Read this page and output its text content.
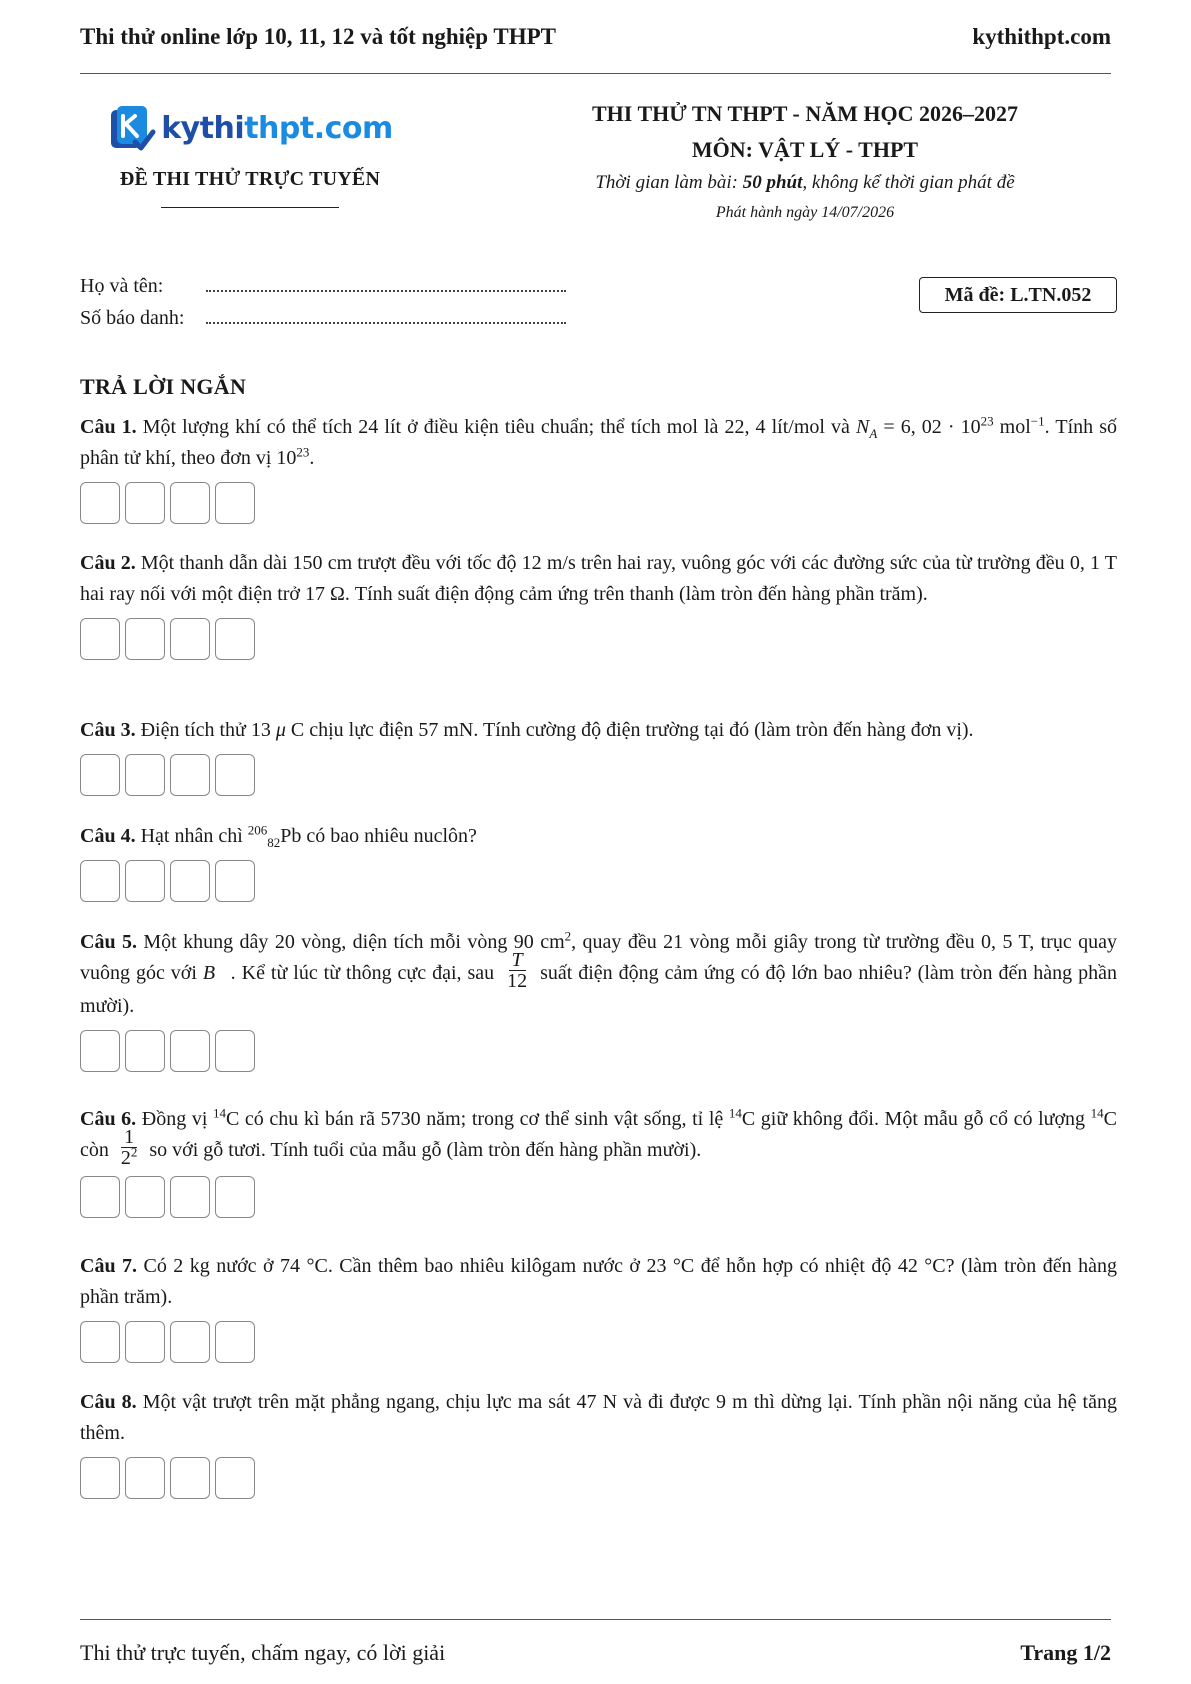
Thi thử online lớp 10, 11, 12 và tốt nghiệp THPT	kythithpt.com
kythithpt.com
ĐỀ THI THỬ TRỰC TUYẾN
THI THỬ TN THPT - NĂM HỌC 2026–2027
MÔN: VẬT LÝ - THPT
Thời gian làm bài: 50 phút, không kể thời gian phát đề
Phát hành ngày 14/07/2026
Họ và tên:
Số báo danh:
Mã đề: L.TN.052
TRẢ LỜI NGẮN
Câu 1. Một lượng khí có thể tích 24 lít ở điều kiện tiêu chuẩn; thể tích mol là 22, 4 lít/mol và $N_A = 6$, $02 \cdot 10^{23}$ mol$^{-1}$. Tính số phân tử khí, theo đơn vị $10^{23}$.
Câu 2. Một thanh dẫn dài 150 cm trượt đều với tốc độ 12 m/s trên hai ray, vuông góc với các đường sức của từ trường đều 0, 1 T hai ray nối với một điện trở 17 Ω. Tính suất điện động cảm ứng trên thanh (làm tròn đến hàng phần trăm).
Câu 3. Điện tích thử 13 μ C chịu lực điện 57 mN. Tính cường độ điện trường tại đó (làm tròn đến hàng đơn vị).
Câu 4. Hạt nhân chì $^{206}_{82}$Pb có bao nhiêu nuclôn?
Câu 5. Một khung dây 20 vòng, diện tích mỗi vòng 90 $cm^2$, quay đều 21 vòng mỗi giây trong từ trường đều 0, 5 T, trục quay vuông góc với B⃗. Kể từ lúc từ thông cực đại, sau $\frac{T}{12}$ suất điện động cảm ứng có độ lớn bao nhiêu? (làm tròn đến hàng phần mười).
Câu 6. Đồng vị $^{14}$C có chu kì bán rã 5730 năm; trong cơ thể sinh vật sống, tỉ lệ $^{14}$C giữ không đổi. Một mẫu gỗ cổ có lượng $^{14}$C còn $\frac{1}{2^2}$ so với gỗ tươi. Tính tuổi của mẫu gỗ (làm tròn đến hàng phần mười).
Câu 7. Có 2 kg nước ở 74 °C. Cần thêm bao nhiêu kilôgam nước ở 23 °C để hỗn hợp có nhiệt độ 42 °C? (làm tròn đến hàng phần trăm).
Câu 8. Một vật trượt trên mặt phẳng ngang, chịu lực ma sát 47 N và đi được 9 m thì dừng lại. Tính phần nội năng của hệ tăng thêm.
Thi thử trực tuyến, chấm ngay, có lời giải	Trang 1/2
